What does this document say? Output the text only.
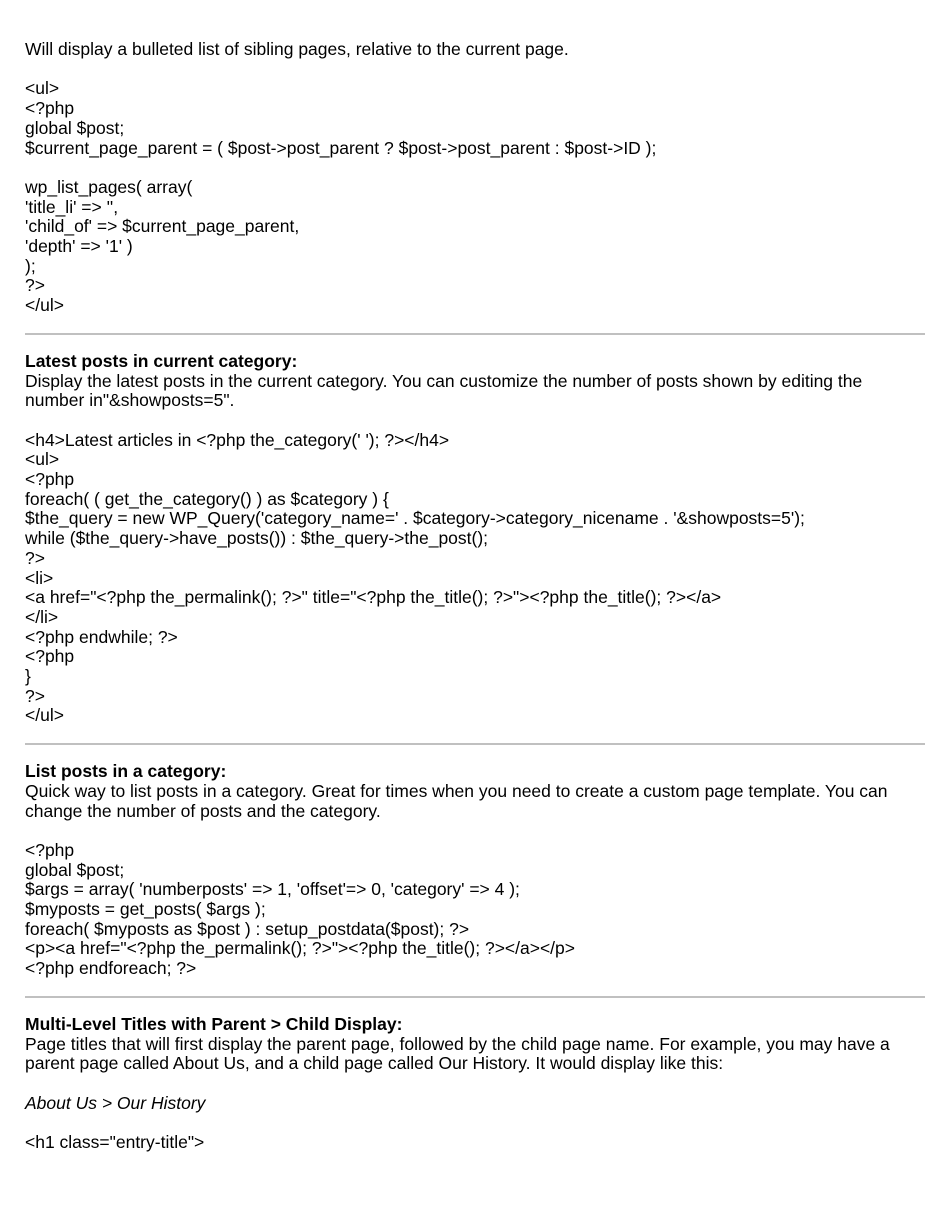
Will display a bulleted list of sibling pages, relative to the current page.

<ul>
<?php
global $post;
$current_page_parent = ( $post->post_parent ? $post->post_parent : $post->ID );
wp_list_pages( array(
'title_li' => '',
'child_of' => $current_page_parent,
'depth' => '1' )
);
?>
</ul>

Latest posts in current category:

Display the latest posts in the current category. You can customize the number of posts shown by editing the number in"&showposts=5".

<h4>Latest articles in <?php the_category(' '); ?></h4>
<ul>
<?php
foreach( ( get_the_category() ) as $category ) {
$the_query = new WP_Query('category_name=' . $category->category_nicename . '&showposts=5');
while ($the_query->have_posts()) : $the_query->the_post();
?>
<li>
<a href="<?php the_permalink(); ?>" title="<?php the_title(); ?>"><?php the_title(); ?></a>
</li>
<?php endwhile; ?>
<?php
}
?>
</ul>

List posts in a category:

Quick way to list posts in a category. Great for times when you need to create a custom page template. You can change the number of posts and the category.

<?php
global $post;
$args = array( 'numberposts' => 1, 'offset'=> 0, 'category' => 4 );
$myposts = get_posts( $args );
foreach( $myposts as $post ) : setup_postdata($post); ?>
<p><a href="<?php the_permalink(); ?>"><?php the_title(); ?></a></p>
<?php endforeach; ?>

Multi-Level Titles with Parent > Child Display:

Page titles that will first display the parent page, followed by the child page name. For example, you may have a parent page called About Us, and a child page called Our History. It would display like this:

About Us > Our History

<h1 class="entry-title">
